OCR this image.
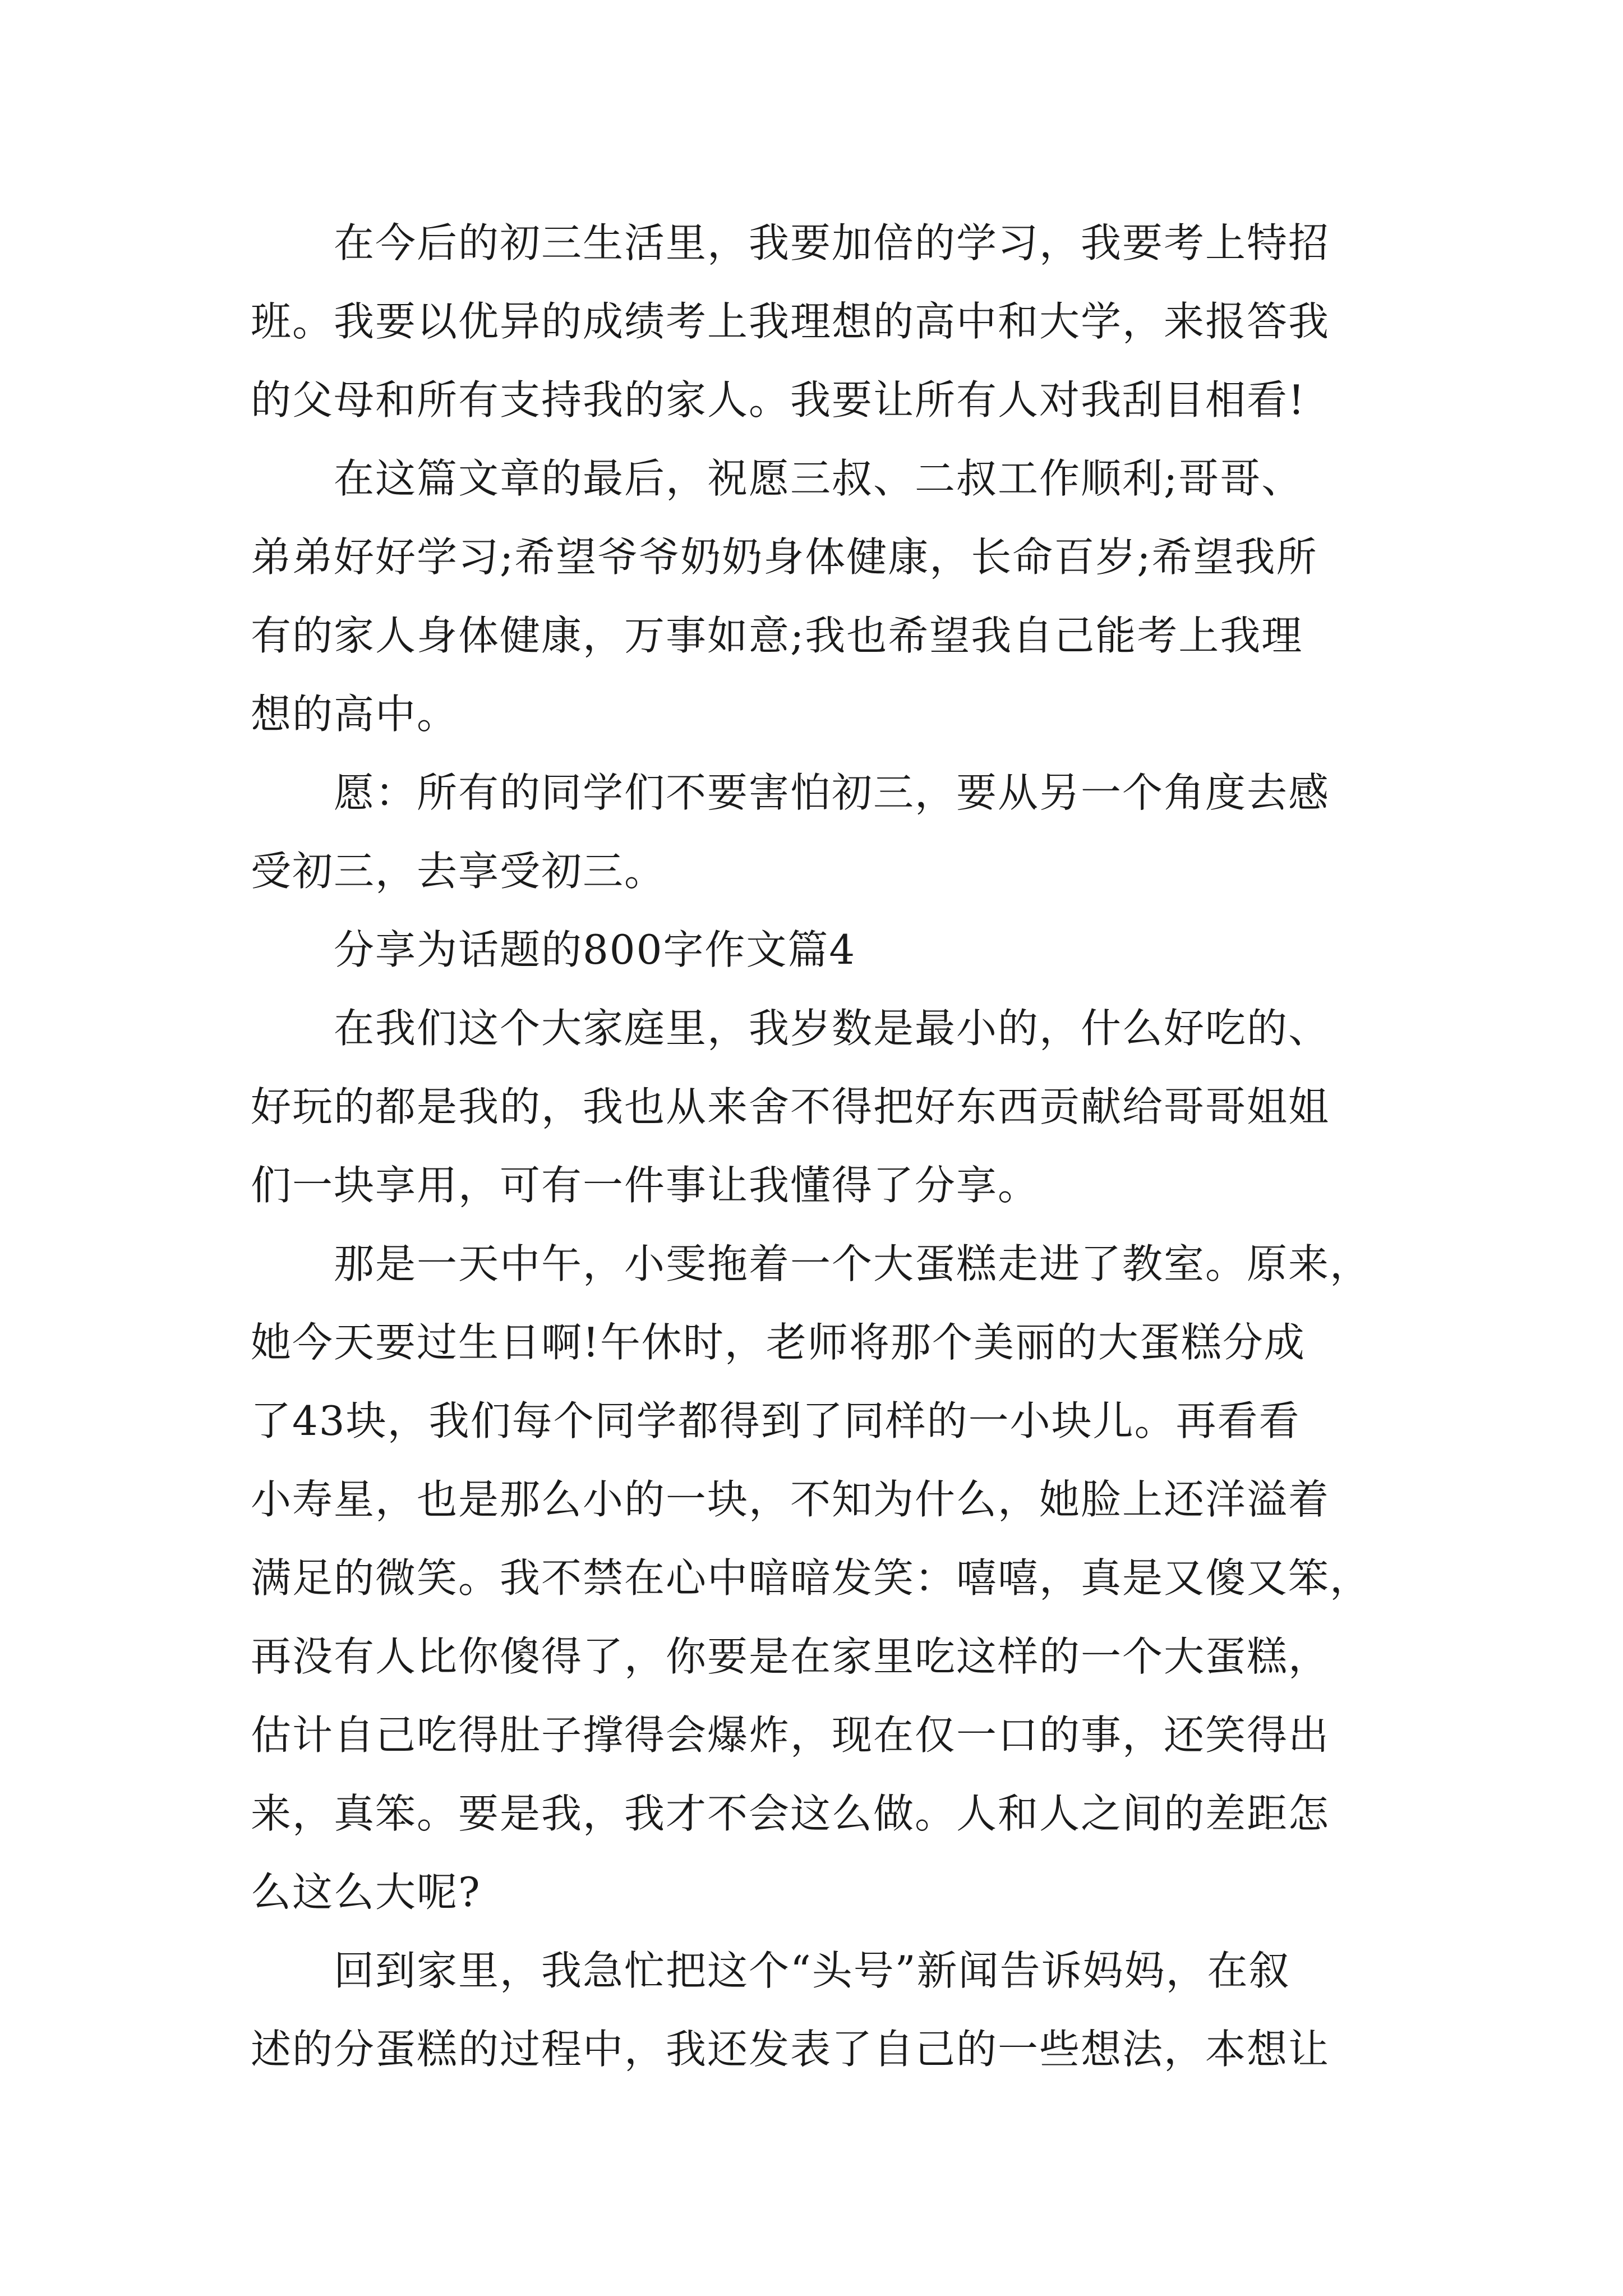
在今后的初三生活里，我要加倍的学习，我要考上特招
班。我要以优异的成绩考上我理想的高中和大学，来报答我
的父母和所有支持我的家人。我要让所有人对我刮目相看!
在这篇文章的最后，祝愿三叔、二叔工作顺利;哥哥、
弟弟好好学习;希望爷爷奶奶身体健康，长命百岁;希望我所
有的家人身体健康，万事如意;我也希望我自己能考上我理
想的高中。
愿：所有的同学们不要害怕初三，要从另一个角度去感
受初三，去享受初三。
分享为话题的800字作文篇4
在我们这个大家庭里，我岁数是最小的，什么好吃的、
好玩的都是我的，我也从来舍不得把好东西贡献给哥哥姐姐
们一块享用，可有一件事让我懂得了分享。
那是一天中午，小雯拖着一个大蛋糕走进了教室。原来，
她今天要过生日啊!午休时，老师将那个美丽的大蛋糕分成
了43块，我们每个同学都得到了同样的一小块儿。再看看
小寿星，也是那么小的一块，不知为什么，她脸上还洋溢着
满足的微笑。我不禁在心中暗暗发笑：嘻嘻，真是又傻又笨，
再没有人比你傻得了，你要是在家里吃这样的一个大蛋糕，
估计自己吃得肚子撑得会爆炸，现在仅一口的事，还笑得出
来，真笨。要是我，我才不会这么做。人和人之间的差距怎
么这么大呢?
回到家里，我急忙把这个“头号”新闻告诉妈妈，在叙
述的分蛋糕的过程中，我还发表了自己的一些想法，本想让
